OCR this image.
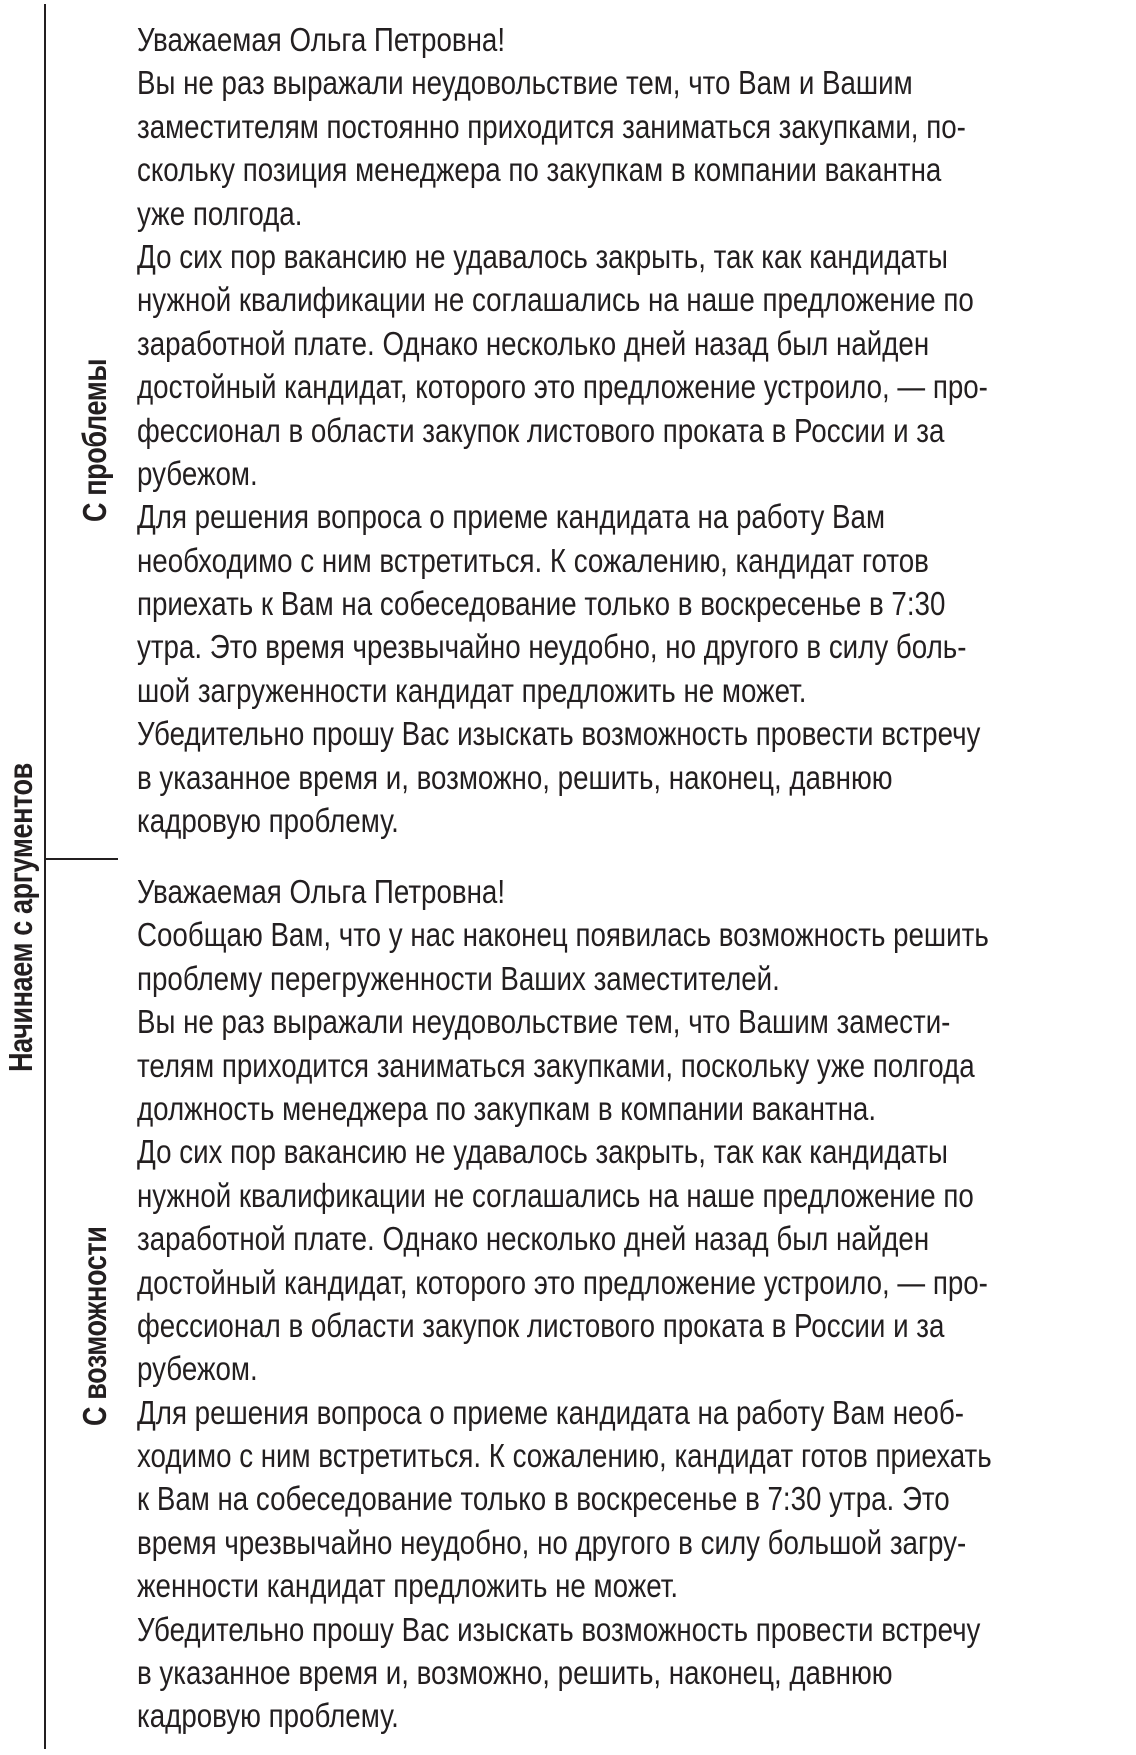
Начинаем с аргументов
С проблемы
С возможности
Уважаемая Ольга Петровна!
Вы не раз выражали неудовольствие тем, что Вам и Вашим
заместителям постоянно приходится заниматься закупками, по-
скольку позиция менеджера по закупкам в компании вакантна
уже полгода.
До сих пор вакансию не удавалось закрыть, так как кандидаты
нужной квалификации не соглашались на наше предложение по
заработной плате. Однако несколько дней назад был найден
достойный кандидат, которого это предложение устроило, — про-
фессионал в области закупок листового проката в России и за
рубежом.
Для решения вопроса о приеме кандидата на работу Вам
необходимо с ним встретиться. К сожалению, кандидат готов
приехать к Вам на собеседование только в воскресенье в 7:30
утра. Это время чрезвычайно неудобно, но другого в силу боль-
шой загруженности кандидат предложить не может.
Убедительно прошу Вас изыскать возможность провести встречу
в указанное время и, возможно, решить, наконец, давнюю
кадровую проблему.
Уважаемая Ольга Петровна!
Сообщаю Вам, что у нас наконец появилась возможность решить
проблему перегруженности Ваших заместителей.
Вы не раз выражали неудовольствие тем, что Вашим замести-
телям приходится заниматься закупками, поскольку уже полгода
должность менеджера по закупкам в компании вакантна.
До сих пор вакансию не удавалось закрыть, так как кандидаты
нужной квалификации не соглашались на наше предложение по
заработной плате. Однако несколько дней назад был найден
достойный кандидат, которого это предложение устроило, — про-
фессионал в области закупок листового проката в России и за
рубежом.
Для решения вопроса о приеме кандидата на работу Вам необ-
ходимо с ним встретиться. К сожалению, кандидат готов приехать
к Вам на собеседование только в воскресенье в 7:30 утра. Это
время чрезвычайно неудобно, но другого в силу большой загру-
женности кандидат предложить не может.
Убедительно прошу Вас изыскать возможность провести встречу
в указанное время и, возможно, решить, наконец, давнюю
кадровую проблему.
